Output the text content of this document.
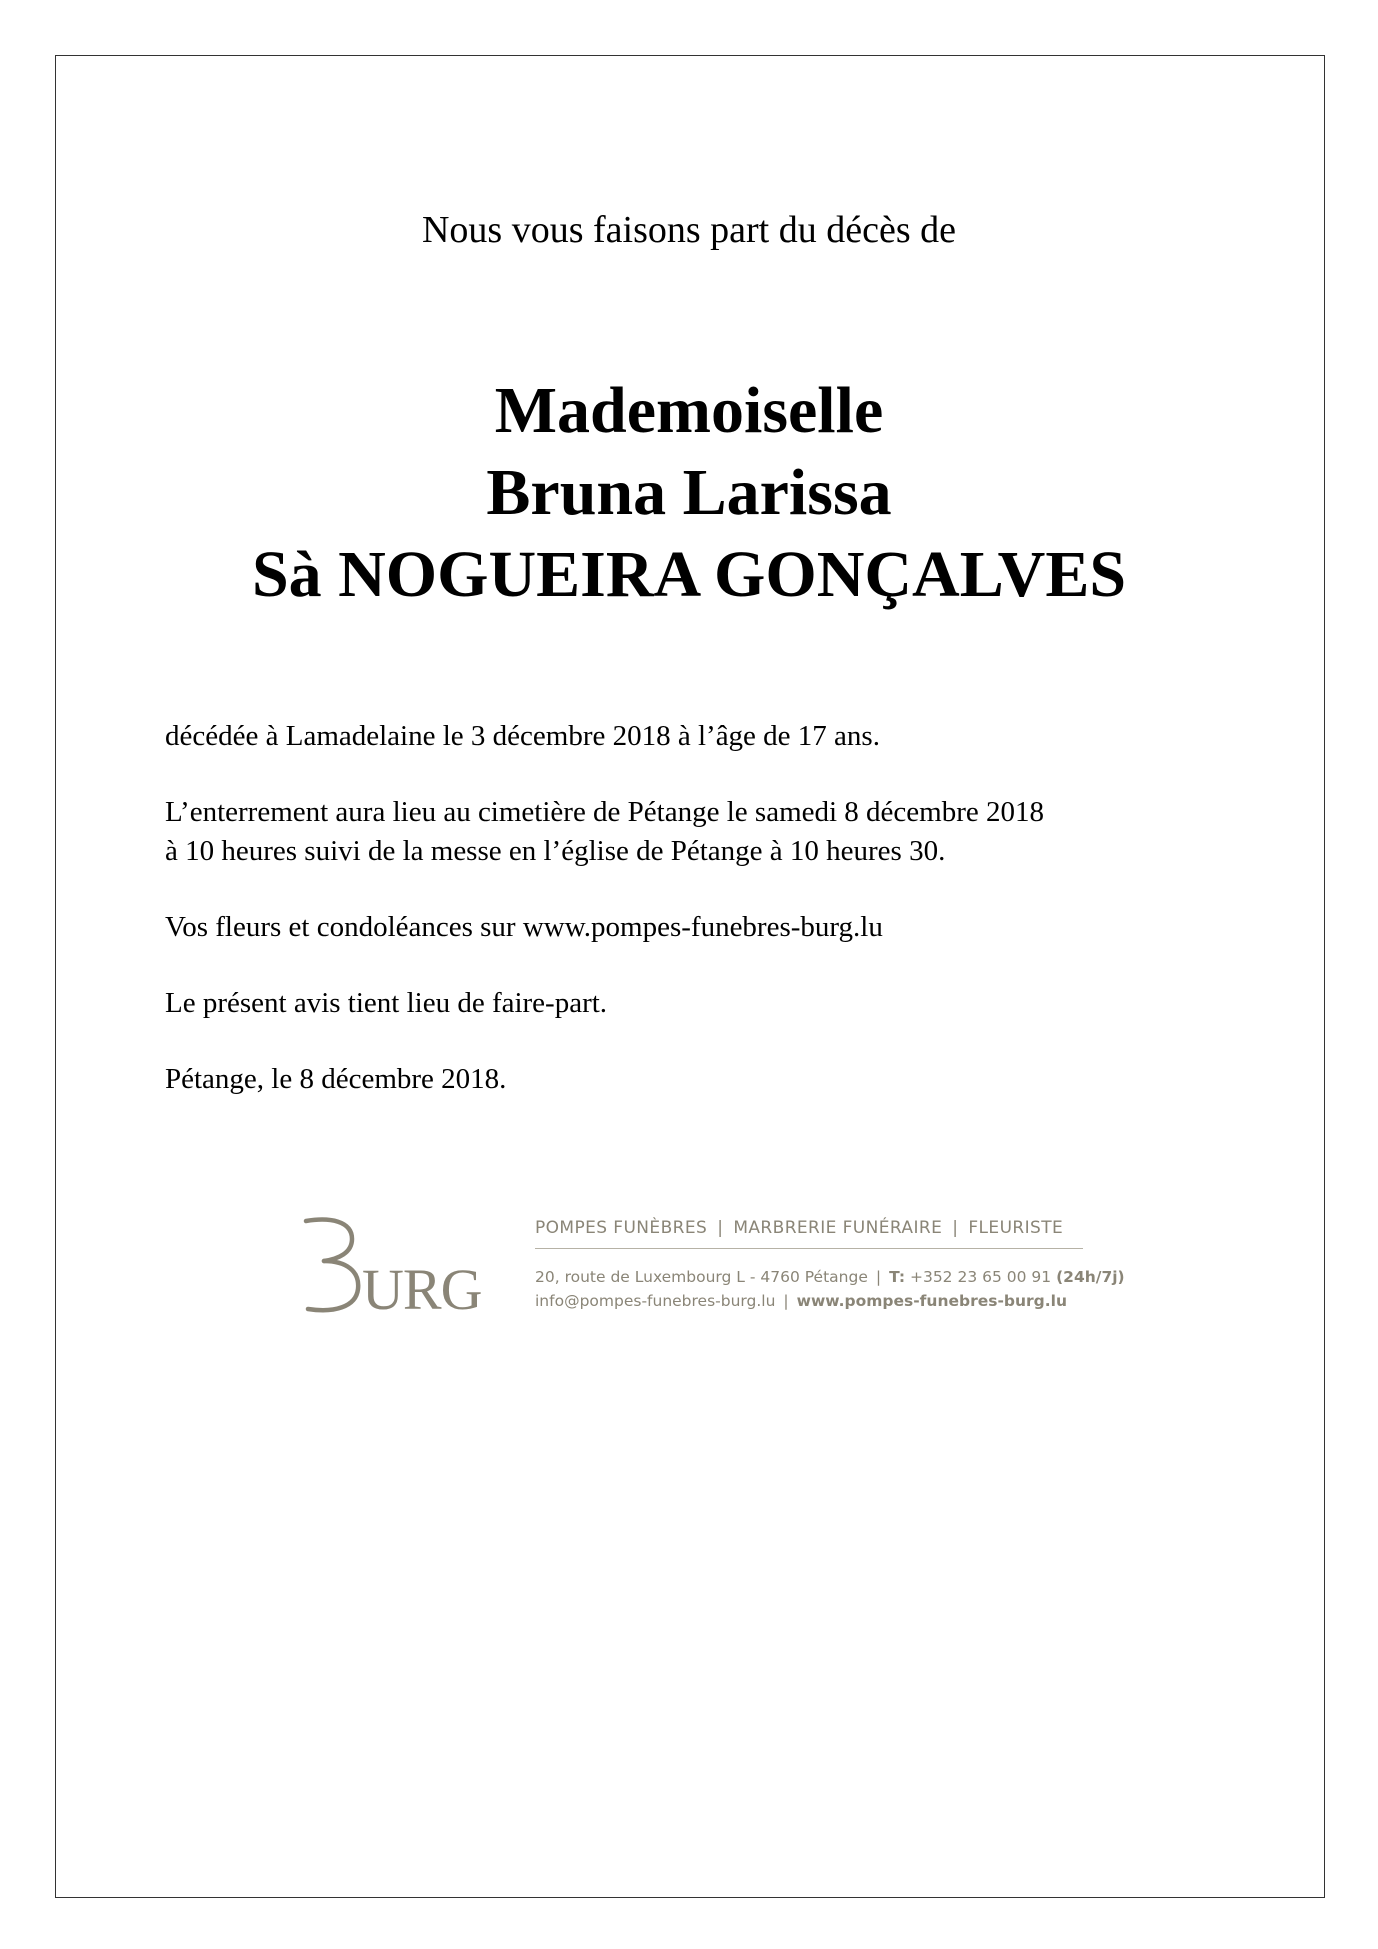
Nous vous faisons part du décès de
Mademoiselle
Bruna Larissa
Sà NOGUEIRA GONÇALVES

décédée à Lamadelaine le 3 décembre 2018 à l’âge de 17 ans.

L’enterrement aura lieu au cimetière de Pétange le samedi 8 décembre 2018
à 10 heures suivi de la messe en l’église de Pétange à 10 heures 30.

Vos fleurs et condoléances sur www.pompes-funebres-burg.lu

Le présent avis tient lieu de faire-part.

Pétange, le 8 décembre 2018.

URG
POMPES FUNÈBRES | MARBRERIE FUNÉRAIRE | FLEURISTE
20, route de Luxembourg L - 4760 Pétange | T: +352 23 65 00 91 (24h/7j)
info@pompes-funebres-burg.lu | www.pompes-funebres-burg.lu
